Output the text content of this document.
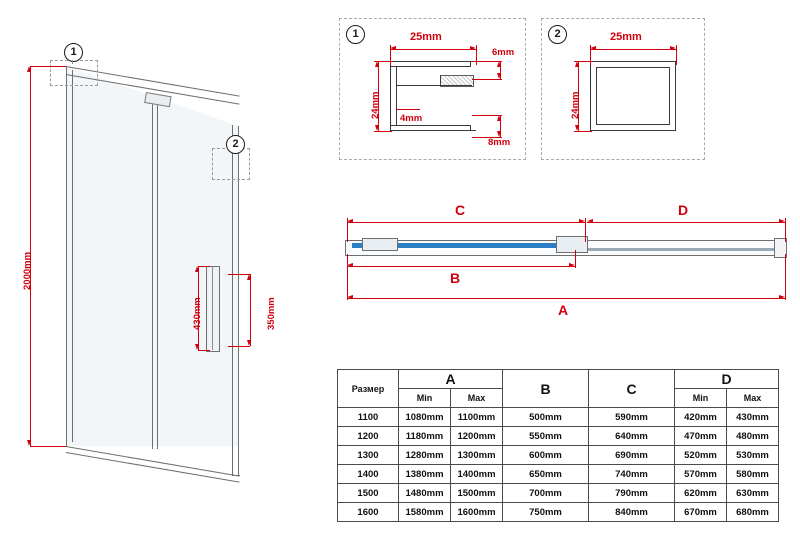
1
2
2000mm
430mm	350mm
25mm
24mm
6mm
8mm
4mm
1	25mm
24mm
2
C	D
B
A
Размер	A		B	C	D	
	Min	Max			Min	Max
1100	1080mm	1100mm	500mm	590mm	420mm	430mm
1200	1180mm	1200mm	550mm	640mm	470mm	480mm
1300	1280mm	1300mm	600mm	690mm	520mm	530mm
1400	1380mm	1400mm	650mm	740mm	570mm	580mm
1500	1480mm	1500mm	700mm	790mm	620mm	630mm
1600	1580mm	1600mm	750mm	840mm	670mm	680mm
